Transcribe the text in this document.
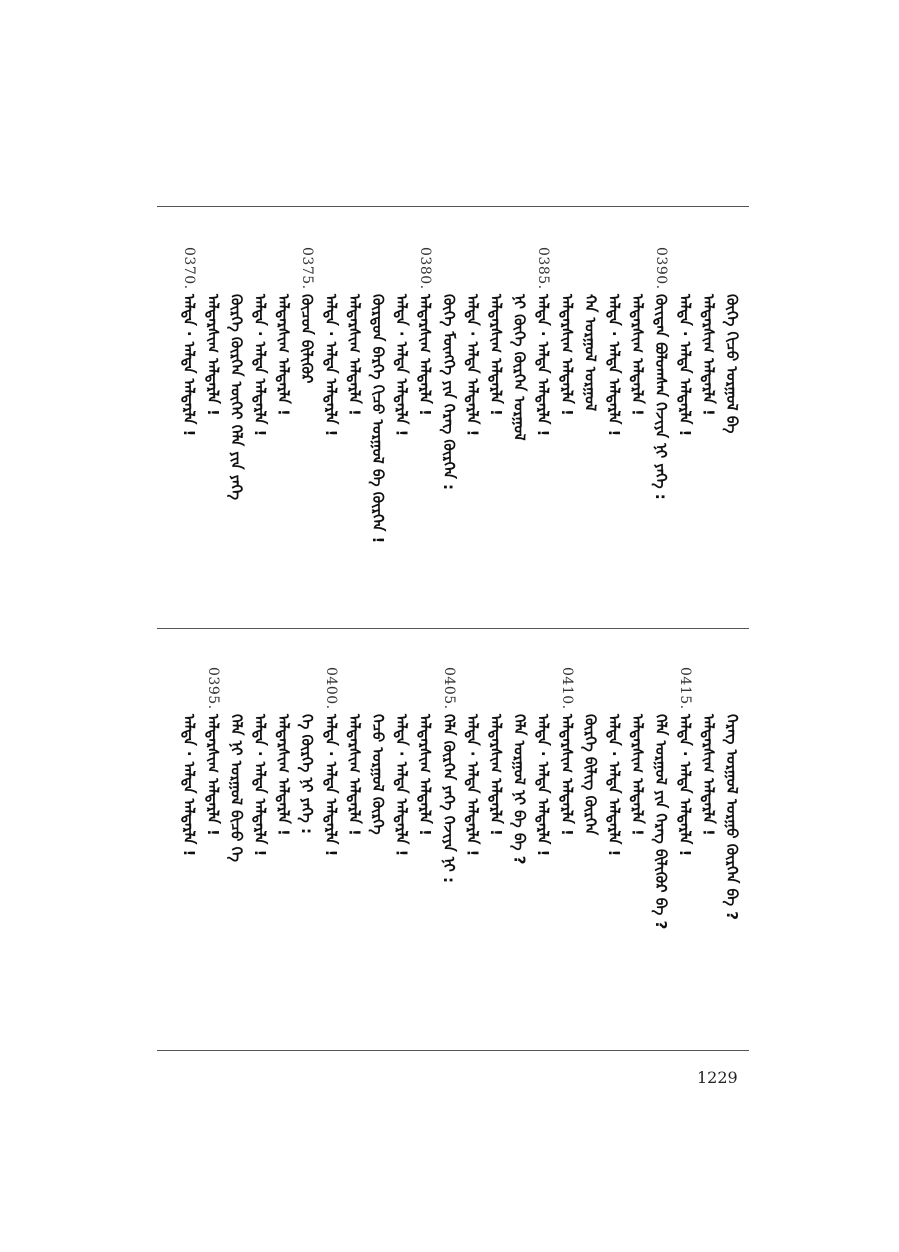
ᠬᠥᠬᠡ ᠬᠢᠴᠤ ᠤᠷᠭᠤᠯ ᠪᠠ
ᠠᠯᠳᠠᠷᠰᠢᠭ ᠠᠯᠳᠠᠷᠯᠠ !
ᠠᠯᠳᠠ · ᠠᠯᠳᠠ ᠠᠯᠳᠠᠷᠯᠠ !
0390.
ᠬᠦᠢᠳᠡᠨ ᠪᠤᠯᠤᠭᠰᠠᠨ ᠬᠡᠵᠢᠶᠡ ᠨᠢ ᠶᠡᠬᠡ :
ᠠᠯᠳᠠᠷᠰᠢᠭ ᠠᠯᠳᠠᠷᠯᠠ !
ᠠᠯᠳᠠ · ᠠᠯᠳᠠ ᠠᠯᠳᠠᠷᠯᠠ !
ᠬᠠ ᠤᠷᠭᠤᠯ ᠤᠷᠭᠤᠯ
ᠠᠯᠳᠠᠷᠰᠢᠭ ᠠᠯᠳᠠᠷᠯᠠ !
0385.
ᠠᠯᠳᠠ · ᠠᠯᠳᠠ ᠠᠯᠳᠠᠷᠯᠠ !
ᠨᠢ ᠬᠥᠬᠡ ᠬᠦᠷᠭᠡᠨ ᠤᠷᠭᠤᠯ
ᠠᠯᠳᠠᠷᠰᠢᠭ ᠠᠯᠳᠠᠷᠯᠠ !
ᠠᠯᠳᠠ · ᠠᠯᠳᠠ ᠠᠯᠳᠠᠷᠯᠠ !
ᠬᠥᠬᠡ ᠮᠥᠩᠬᠡ ᠶᠢᠨ ᠬᠡᠷᠡᠭ ᠬᠦᠷᠭᠡᠨ :
0380.
ᠠᠯᠳᠠᠷᠰᠢᠭ ᠠᠯᠳᠠᠷᠯᠠ !
ᠠᠯᠳᠠ · ᠠᠯᠳᠠ ᠠᠯᠳᠠᠷᠯᠠ !
ᠬᠦᠷᠳᠦᠨ ᠪᠡᠷᠬᠡ ᠬᠢᠴᠤ ᠤᠷᠭᠤᠯ ᠪᠠ ᠬᠦᠷᠭᠡᠨ !
ᠠᠯᠳᠠᠷᠰᠢᠭ ᠠᠯᠳᠠᠷᠯᠠ !
ᠠᠯᠳᠠ · ᠠᠯᠳᠠ ᠠᠯᠳᠠᠷᠯᠠ !
0375.
ᠬᠦᠴᠦᠨ ᠪᠢᠯᠢᠭᠦᠷ
ᠠᠯᠳᠠᠷᠰᠢᠭ ᠠᠯᠳᠠᠷᠯᠠ !
ᠠᠯᠳᠠ · ᠠᠯᠳᠠ ᠠᠯᠳᠠᠷᠯᠠ !
ᠬᠦᠷᠭᠡ ᠬᠦᠷᠭᠡᠨ ᠦᠭᠡᠢ ᠬᠡᠯᠡ ᠶᠢᠨ ᠶᠡᠬᠡ
ᠠᠯᠳᠠᠷᠰᠢᠭ ᠠᠯᠳᠠᠷᠯᠠ !
0370.
ᠠᠯᠳᠠ · ᠠᠯᠳᠠ ᠠᠯᠳᠠᠷᠯᠠ !
ᠬᠡᠷᠡᠭ ᠤᠷᠭᠤᠯ ᠤᠷᠭᠤ ᠬᠦᠷᠭᠡᠨ ᠪᠠ ?
ᠠᠯᠳᠠᠷᠰᠢᠭ ᠠᠯᠳᠠᠷᠯᠠ !
0415.
ᠠᠯᠳᠠ · ᠠᠯᠳᠠ ᠠᠯᠳᠠᠷᠯᠠ !
ᠬᠡᠯᠡ ᠤᠷᠭᠤᠯ ᠶᠢᠨ ᠬᠡᠷᠡᠭ ᠪᠢᠯᠢᠭᠦᠷ ᠪᠠ ?
ᠠᠯᠳᠠᠷᠰᠢᠭ ᠠᠯᠳᠠᠷᠯᠠ !
ᠠᠯᠳᠠ · ᠠᠯᠳᠠ ᠠᠯᠳᠠᠷᠯᠠ !
ᠬᠦᠷᠭᠡ ᠪᠢᠯᠢᠭ ᠬᠦᠷᠭᠡᠨ
0410.
ᠠᠯᠳᠠᠷᠰᠢᠭ ᠠᠯᠳᠠᠷᠯᠠ !
ᠠᠯᠳᠠ · ᠠᠯᠳᠠ ᠠᠯᠳᠠᠷᠯᠠ !
ᠬᠡᠯᠡ ᠤᠷᠭᠤᠯ ᠨᠢ ᠪᠠ ᠪᠠ ?
ᠠᠯᠳᠠᠷᠰᠢᠭ ᠠᠯᠳᠠᠷᠯᠠ !
ᠠᠯᠳᠠ · ᠠᠯᠳᠠ ᠠᠯᠳᠠᠷᠯᠠ !
0405.
ᠬᠡᠯᠡ ᠬᠦᠷᠭᠡᠨ ᠶᠡᠬᠡ ᠬᠡᠵᠢᠶᠡ ᠨᠢ :
ᠠᠯᠳᠠᠷᠰᠢᠭ ᠠᠯᠳᠠᠷᠯᠠ !
ᠠᠯᠳᠠ · ᠠᠯᠳᠠ ᠠᠯᠳᠠᠷᠯᠠ !
ᠬᠡᠴᠤ ᠤᠷᠭᠤᠯ ᠬᠦᠷᠭᠡ
ᠠᠯᠳᠠᠷᠰᠢᠭ ᠠᠯᠳᠠᠷᠯᠠ !
0400.
ᠠᠯᠳᠠ · ᠠᠯᠳᠠ ᠠᠯᠳᠠᠷᠯᠠ !
ᠬᠡ ᠬᠦᠷᠭᠡ ᠨᠢ ᠶᠡᠬᠡ :
ᠠᠯᠳᠠᠷᠰᠢᠭ ᠠᠯᠳᠠᠷᠯᠠ !
ᠠᠯᠳᠠ · ᠠᠯᠳᠠ ᠠᠯᠳᠠᠷᠯᠠ !
ᠬᠡᠯᠡ ᠨᠢ ᠤᠷᠭᠤᠯ ᠪᠢᠴᠤ ᠬᠡ
0395.
ᠠᠯᠳᠠᠷᠰᠢᠭ ᠠᠯᠳᠠᠷᠯᠠ !
ᠠᠯᠳᠠ · ᠠᠯᠳᠠ ᠠᠯᠳᠠᠷᠯᠠ !
1229
